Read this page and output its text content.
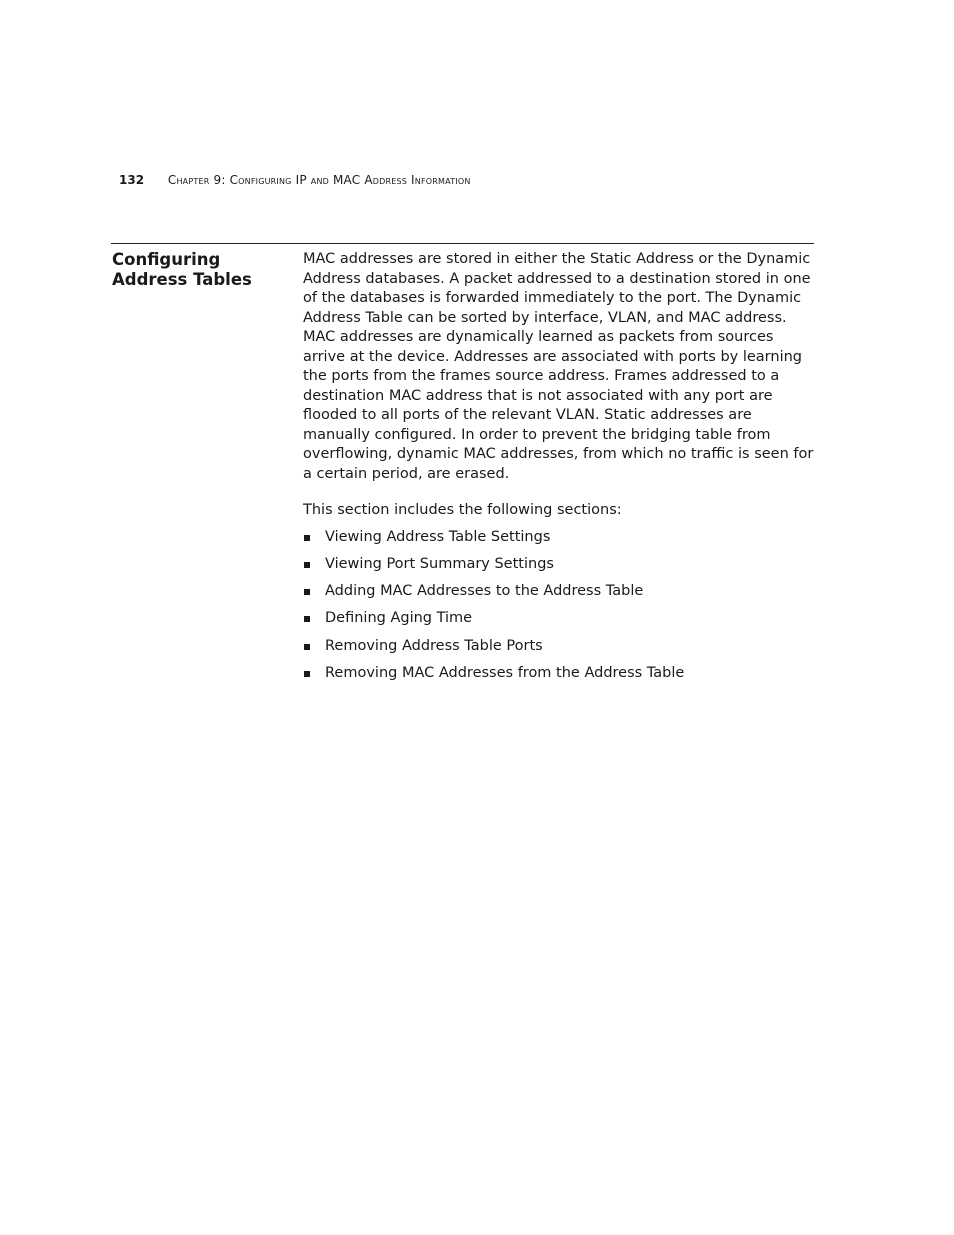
132 Chapter 9: Configuring IP and MAC Address Information
Configuring
Address Tables

MAC addresses are stored in either the Static Address or the Dynamic Address databases. A packet addressed to a destination stored in one of the databases is forwarded immediately to the port. The Dynamic Address Table can be sorted by interface, VLAN, and MAC address. MAC addresses are dynamically learned as packets from sources arrive at the device. Addresses are associated with ports by learning the ports from the frames source address. Frames addressed to a destination MAC address that is not associated with any port are flooded to all ports of the relevant VLAN. Static addresses are manually configured. In order to prevent the bridging table from overflowing, dynamic MAC addresses, from which no traffic is seen for a certain period, are erased.

This section includes the following sections:

Viewing Address Table Settings
Viewing Port Summary Settings
Adding MAC Addresses to the Address Table
Defining Aging Time
Removing Address Table Ports
Removing MAC Addresses from the Address Table
